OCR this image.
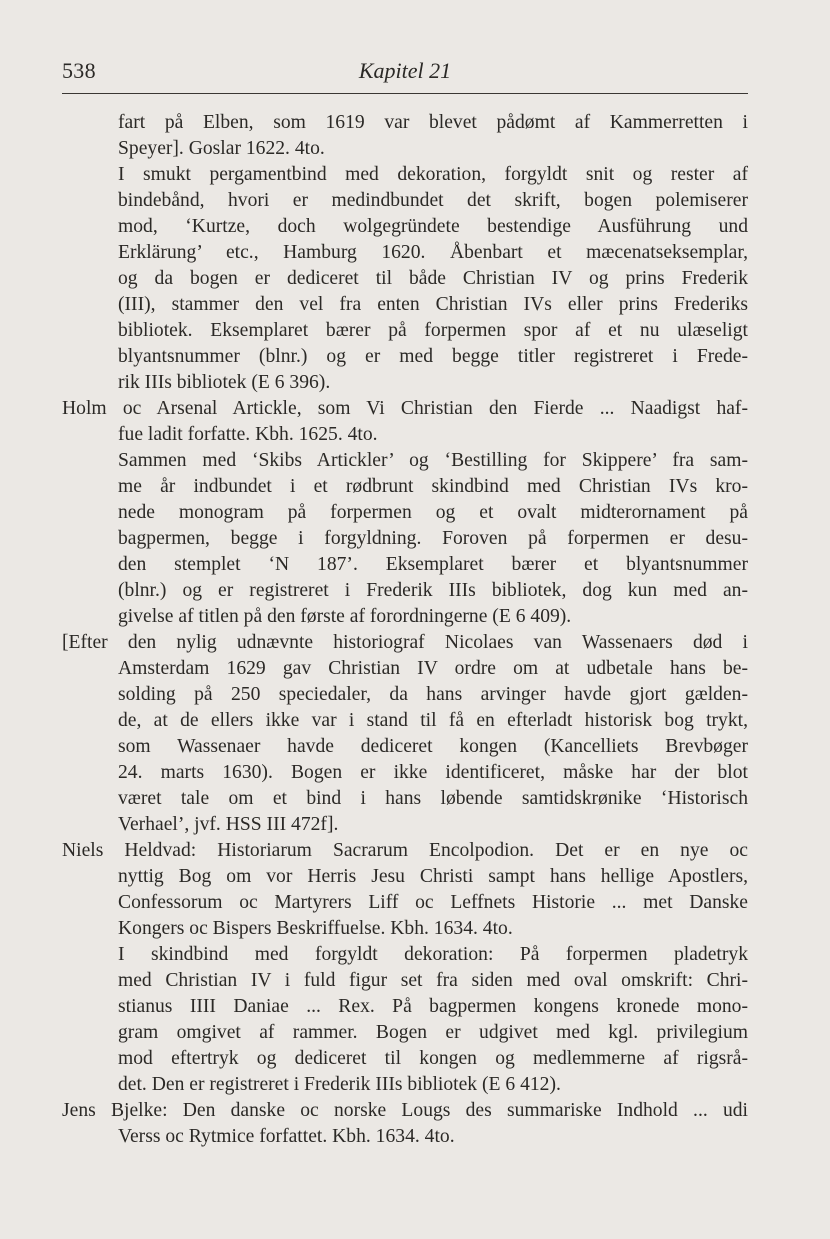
538	Kapitel 21
fart på Elben, som 1619 var blevet pådømt af Kammerretten i
Speyer]. Goslar 1622. 4to.
I smukt pergamentbind med dekoration, forgyldt snit og rester af
bindebånd, hvori er medindbundet det skrift, bogen polemiserer
mod, ‘Kurtze, doch wolgegründete bestendige Ausführung und
Erklärung’ etc., Hamburg 1620. Åbenbart et mæcenatseksemplar,
og da bogen er dediceret til både Christian IV og prins Frederik
(III), stammer den vel fra enten Christian IVs eller prins Frederiks
bibliotek. Eksemplaret bærer på forpermen spor af et nu ulæseligt
blyantsnummer (blnr.) og er med begge titler registreret i Frede-
rik IIIs bibliotek (E 6 396).
Holm oc Arsenal Artickle, som Vi Christian den Fierde ... Naadigst haf-
fue ladit forfatte. Kbh. 1625. 4to.
Sammen med ‘Skibs Artickler’ og ‘Bestilling for Skippere’ fra sam-
me år indbundet i et rødbrunt skindbind med Christian IVs kro-
nede monogram på forpermen og et ovalt midterornament på
bagpermen, begge i forgyldning. Foroven på forpermen er desu-
den stemplet ‘N 187’. Eksemplaret bærer et blyantsnummer
(blnr.) og er registreret i Frederik IIIs bibliotek, dog kun med an-
givelse af titlen på den første af forordningerne (E 6 409).
[Efter den nylig udnævnte historiograf Nicolaes van Wassenaers død i
Amsterdam 1629 gav Christian IV ordre om at udbetale hans be-
solding på 250 speciedaler, da hans arvinger havde gjort gælden-
de, at de ellers ikke var i stand til få en efterladt historisk bog trykt,
som Wassenaer havde dediceret kongen (Kancelliets Brevbøger
24. marts 1630). Bogen er ikke identificeret, måske har der blot
været tale om et bind i hans løbende samtidskrønike ‘Historisch
Verhael’, jvf. HSS III 472f].
Niels Heldvad: Historiarum Sacrarum Encolpodion. Det er en nye oc
nyttig Bog om vor Herris Jesu Christi sampt hans hellige Apostlers,
Confessorum oc Martyrers Liff oc Leffnets Historie ... met Danske
Kongers oc Bispers Beskriffuelse. Kbh. 1634. 4to.
I skindbind med forgyldt dekoration: På forpermen pladetryk
med Christian IV i fuld figur set fra siden med oval omskrift: Chri-
stianus IIII Daniae ... Rex. På bagpermen kongens kronede mono-
gram omgivet af rammer. Bogen er udgivet med kgl. privilegium
mod eftertryk og dediceret til kongen og medlemmerne af rigsrå-
det. Den er registreret i Frederik IIIs bibliotek (E 6 412).
Jens Bjelke: Den danske oc norske Lougs des summariske Indhold ... udi
Verss oc Rytmice forfattet. Kbh. 1634. 4to.
